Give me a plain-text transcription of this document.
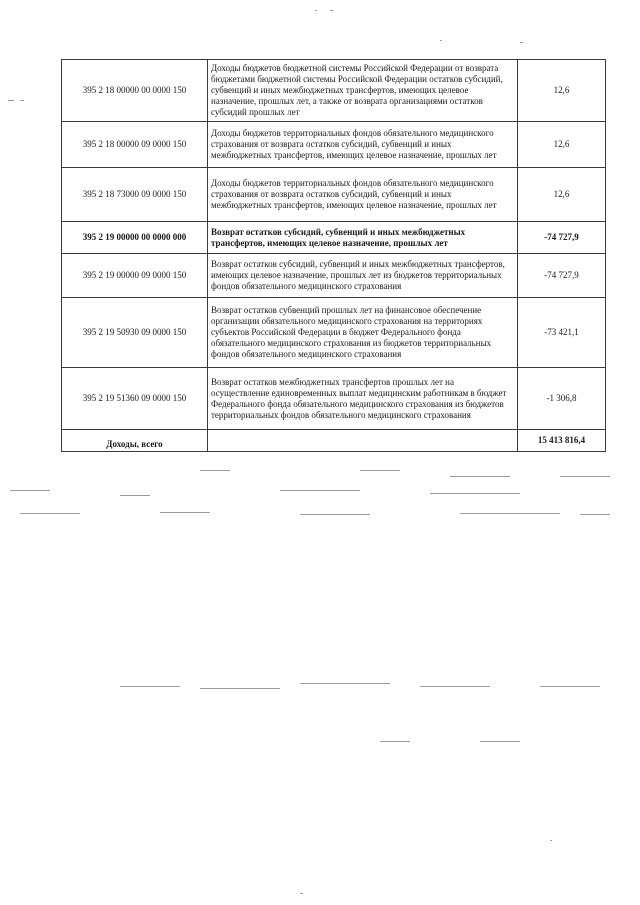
395 2 18 00000 00 0000 150	Доходы бюджетов бюджетной системы Российской Федерации от возврата бюджетами бюджетной системы Российской Федерации остатков субсидий, субвенций и иных межбюджетных трансфертов, имеющих целевое назначение, прошлых лет, а также от возврата организациями остатков субсидий прошлых лет	12,6
395 2 18 00000 09 0000 150	Доходы бюджетов территориальных фондов обязательного медицинского страхования от возврата остатков субсидий, субвенций и иных межбюджетных трансфертов, имеющих целевое назначение, прошлых лет	12,6
395 2 18 73000 09 0000 150	Доходы бюджетов территориальных фондов обязательного медицинского страхования от возврата остатков субсидий, субвенций и иных межбюджетных трансфертов, имеющих целевое назначение, прошлых лет	12,6
395 2 19 00000 00 0000 000	Возврат остатков субсидий, субвенций и иных межбюджетных трансфертов, имеющих целевое назначение, прошлых лет	-74 727,9
395 2 19 00000 09 0000 150	Возврат остатков субсидий, субвенций и иных межбюджетных трансфертов, имеющих целевое назначение, прошлых лет из бюджетов территориальных фондов обязательного медицинского страхования	-74 727,9
395 2 19 50930 09 0000 150	Возврат остатков субвенций прошлых лет на финансовое обеспечение организации обязательного медицинского страхования на территориях субъектов Российской Федерации в бюджет Федерального фонда обязательного медицинского страхования из бюджетов территориальных фондов обязательного медицинского страхования	-73 421,1
395 2 19 51360 09 0000 150	Возврат остатков межбюджетных трансфертов прошлых лет на осуществление единовременных выплат медицинским работникам в бюджет Федерального фонда обязательного медицинского страхования из бюджетов территориальных фондов обязательного медицинского страхования	-1 306,8
Доходы, всего		15 413 816,4
